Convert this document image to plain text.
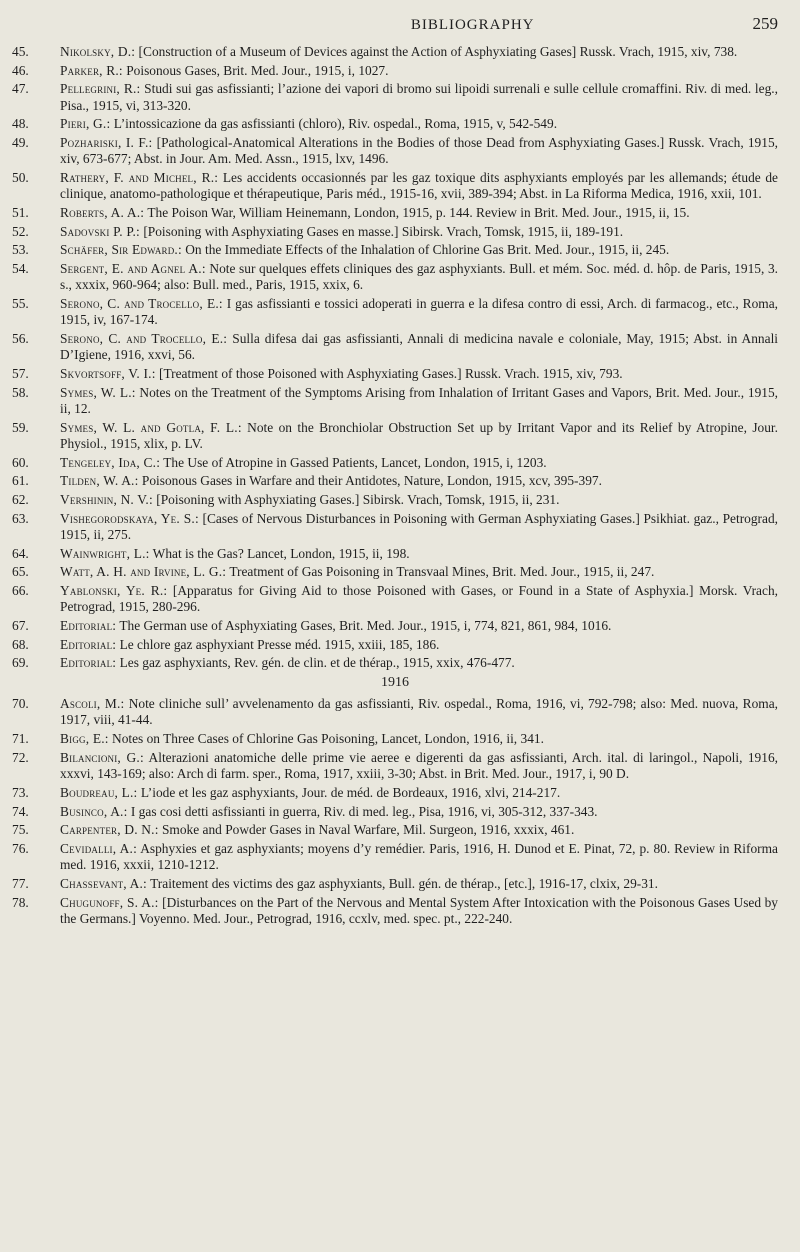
BIBLIOGRAPHY	259
45.	Nikolsky, D.: [Construction of a Museum of Devices against the Action of Asphyxiating Gases] Russk. Vrach, 1915, xiv, 738.
46.	Parker, R.: Poisonous Gases, Brit. Med. Jour., 1915, i, 1027.
47.	Pellegrini, R.: Studi sui gas asfissianti; l’azione dei vapori di bromo sui lipoidi surrenali e sulle cellule cromaffini. Riv. di med. leg., Pisa., 1915, vi, 313-320.
48.	Pieri, G.: L’intossicazione da gas asfissianti (chloro), Riv. ospedal., Roma, 1915, v, 542-549.
49.	Pozharıski, I. F.: [Pathological-Anatomical Alterations in the Bodies of those Dead from Asphyxiating Gases.] Russk. Vrach, 1915, xiv, 673-677; Abst. in Jour. Am. Med. Assn., 1915, lxv, 1496.
50.	Rathery, F. and Michel, R.: Les accidents occasionnés par les gaz toxique dits asphyxiants employés par les allemands; étude de clinique, anatomo-pathologique et thérapeutique, Paris méd., 1915-16, xvii, 389-394; Abst. in La Riforma Medica, 1916, xxii, 101.
51.	Roberts, A. A.: The Poison War, William Heinemann, London, 1915, p. 144. Review in Brit. Med. Jour., 1915, ii, 15.
52.	Sadovski P. P.: [Poisoning with Asphyxiating Gases en masse.] Sibirsk. Vrach, Tomsk, 1915, ii, 189-191.
53.	Schäfer, Sir Edward.: On the Immediate Effects of the Inhalation of Chlorine Gas Brit. Med. Jour., 1915, ii, 245.
54.	Sergent, E. and Agnel A.: Note sur quelques effets cliniques des gaz asphyxiants. Bull. et mém. Soc. méd. d. hôp. de Paris, 1915, 3. s., xxxix, 960-964; also: Bull. med., Paris, 1915, xxix, 6.
55.	Serono, C. and Trocello, E.: I gas asfissianti e tossici adoperati in guerra e la difesa contro di essi, Arch. di farmacog., etc., Roma, 1915, iv, 167-174.
56.	Serono, C. and Trocello, E.: Sulla difesa dai gas asfissianti, Annali di medicina navale e coloniale, May, 1915; Abst. in Annali D’Igiene, 1916, xxvi, 56.
57.	Skvortsoff, V. I.: [Treatment of those Poisoned with Asphyxiating Gases.] Russk. Vrach. 1915, xiv, 793.
58.	Symes, W. L.: Notes on the Treatment of the Symptoms Arising from Inhalation of Irritant Gases and Vapors, Brit. Med. Jour., 1915, ii, 12.
59.	Symes, W. L. and Gotla, F. L.: Note on the Bronchiolar Obstruction Set up by Irritant Vapor and its Relief by Atropine, Jour. Physiol., 1915, xlix, p. LV.
60.	Tengeley, Ida, C.: The Use of Atropine in Gassed Patients, Lancet, London, 1915, i, 1203.
61.	Tilden, W. A.: Poisonous Gases in Warfare and their Antidotes, Nature, London, 1915, xcv, 395-397.
62.	Vershinin, N. V.: [Poisoning with Asphyxiating Gases.] Sibirsk. Vrach, Tomsk, 1915, ii, 231.
63.	Vishegorodskaya, Ye. S.: [Cases of Nervous Disturbances in Poisoning with German Asphyxiating Gases.] Psikhiat. gaz., Petrograd, 1915, ii, 275.
64.	Wainwright, L.: What is the Gas? Lancet, London, 1915, ii, 198.
65.	Watt, A. H. and Irvine, L. G.: Treatment of Gas Poisoning in Transvaal Mines, Brit. Med. Jour., 1915, ii, 247.
66.	Yablonski, Ye. R.: [Apparatus for Giving Aid to those Poisoned with Gases, or Found in a State of Asphyxia.] Morsk. Vrach, Petrograd, 1915, 280-296.
67.	Editorial: The German use of Asphyxiating Gases, Brit. Med. Jour., 1915, i, 774, 821, 861, 984, 1016.
68.	Editorial: Le chlore gaz asphyxiant Presse méd. 1915, xxiii, 185, 186.
69.	Editorial: Les gaz asphyxiants, Rev. gén. de clin. et de thérap., 1915, xxix, 476-477.
1916
70.	Ascoli, M.: Note cliniche sull’ avvelenamento da gas asfissianti, Riv. ospedal., Roma, 1916, vi, 792-798; also: Med. nuova, Roma, 1917, viii, 41-44.
71.	Bigg, E.: Notes on Three Cases of Chlorine Gas Poisoning, Lancet, London, 1916, ii, 341.
72.	Bilancioni, G.: Alterazioni anatomiche delle prime vie aeree e digerenti da gas asfissianti, Arch. ital. di laringol., Napoli, 1916, xxxvi, 143-169; also: Arch di farm. sper., Roma, 1917, xxiii, 3-30; Abst. in Brit. Med. Jour., 1917, i, 90 D.
73.	Boudreau, L.: L’iode et les gaz asphyxiants, Jour. de méd. de Bordeaux, 1916, xlvi, 214-217.
74.	Businco, A.: I gas cosi detti asfissianti in guerra, Riv. di med. leg., Pisa, 1916, vi, 305-312, 337-343.
75.	Carpenter, D. N.: Smoke and Powder Gases in Naval Warfare, Mil. Surgeon, 1916, xxxix, 461.
76.	Cevidalli, A.: Asphyxies et gaz asphyxiants; moyens d’y remédier. Paris, 1916, H. Dunod et E. Pinat, 72, p. 80. Review in Riforma med. 1916, xxxii, 1210-1212.
77.	Chassevant, A.: Traitement des victims des gaz asphyxiants, Bull. gén. de thérap., [etc.], 1916-17, clxix, 29-31.
78.	Chugunoff, S. A.: [Disturbances on the Part of the Nervous and Mental System After Intoxication with the Poisonous Gases Used by the Germans.] Voyenno. Med. Jour., Petrograd, 1916, ccxlv, med. spec. pt., 222-240.
